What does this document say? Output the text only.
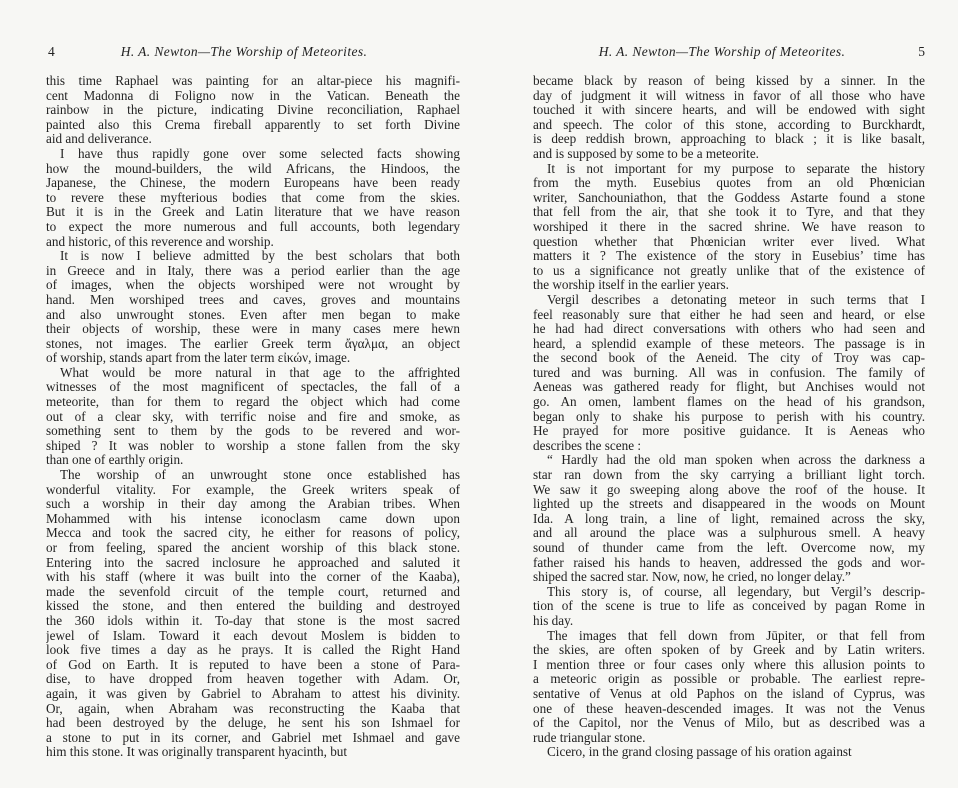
4	H. A. Newton—The Worship of Meteorites.
this time Raphael was painting for an altar-piece his magnifi-
cent Madonna di Foligno now in the Vatican. Beneath the
rainbow in the picture, indicating Divine reconciliation, Raphael
painted also this Crema fireball apparently to set forth Divine
aid and deliverance.
I have thus rapidly gone over some selected facts showing
how the mound-builders, the wild Africans, the Hindoos, the
Japanese, the Chinese, the modern Europeans have been ready
to revere these myfterious bodies that come from the skies.
But it is in the Greek and Latin literature that we have reason
to expect the more numerous and full accounts, both legendary
and historic, of this reverence and worship.
It is now I believe admitted by the best scholars that both
in Greece and in Italy, there was a period earlier than the age
of images, when the objects worshiped were not wrought by
hand. Men worshiped trees and caves, groves and mountains
and also unwrought stones. Even after men began to make
their objects of worship, these were in many cases mere hewn
stones, not images. The earlier Greek term ἄγαλμα, an object
of worship, stands apart from the later term εἰκών, image.
What would be more natural in that age to the affrighted
witnesses of the most magnificent of spectacles, the fall of a
meteorite, than for them to regard the object which had come
out of a clear sky, with terrific noise and fire and smoke, as
something sent to them by the gods to be revered and wor-
shiped ? It was nobler to worship a stone fallen from the sky
than one of earthly origin.
The worship of an unwrought stone once established has
wonderful vitality. For example, the Greek writers speak of
such a worship in their day among the Arabian tribes. When
Mohammed with his intense iconoclasm came down upon
Mecca and took the sacred city, he either for reasons of policy,
or from feeling, spared the ancient worship of this black stone.
Entering into the sacred inclosure he approached and saluted it
with his staff (where it was built into the corner of the Kaaba),
made the sevenfold circuit of the temple court, returned and
kissed the stone, and then entered the building and destroyed
the 360 idols within it. To-day that stone is the most sacred
jewel of Islam. Toward it each devout Moslem is bidden to
look five times a day as he prays. It is called the Right Hand
of God on Earth. It is reputed to have been a stone of Para-
dise, to have dropped from heaven together with Adam. Or,
again, it was given by Gabriel to Abraham to attest his divinity.
Or, again, when Abraham was reconstructing the Kaaba that
had been destroyed by the deluge, he sent his son Ishmael for
a stone to put in its corner, and Gabriel met Ishmael and gave
him this stone. It was originally transparent hyacinth, but
H. A. Newton—The Worship of Meteorites.	5
became black by reason of being kissed by a sinner. In the
day of judgment it will witness in favor of all those who have
touched it with sincere hearts, and will be endowed with sight
and speech. The color of this stone, according to Burckhardt,
is deep reddish brown, approaching to black ; it is like basalt,
and is supposed by some to be a meteorite.
It is not important for my purpose to separate the history
from the myth. Eusebius quotes from an old Phœnician
writer, Sanchouniathon, that the Goddess Astarte found a stone
that fell from the air, that she took it to Tyre, and that they
worshiped it there in the sacred shrine. We have reason to
question whether that Phœnician writer ever lived. What
matters it ? The existence of the story in Eusebius’ time has
to us a significance not greatly unlike that of the existence of
the worship itself in the earlier years.
Vergil describes a detonating meteor in such terms that I
feel reasonably sure that either he had seen and heard, or else
he had had direct conversations with others who had seen and
heard, a splendid example of these meteors. The passage is in
the second book of the Aeneid. The city of Troy was cap-
tured and was burning. All was in confusion. The family of
Aeneas was gathered ready for flight, but Anchises would not
go. An omen, lambent flames on the head of his grandson,
began only to shake his purpose to perish with his country.
He prayed for more positive guidance. It is Aeneas who
describes the scene :
“ Hardly had the old man spoken when across the darkness a
star ran down from the sky carrying a brilliant light torch.
We saw it go sweeping along above the roof of the house. It
lighted up the streets and disappeared in the woods on Mount
Ida. A long train, a line of light, remained across the sky,
and all around the place was a sulphurous smell. A heavy
sound of thunder came from the left. Overcome now, my
father raised his hands to heaven, addressed the gods and wor-
shiped the sacred star. Now, now, he cried, no longer delay.”
This story is, of course, all legendary, but Vergil’s descrip-
tion of the scene is true to life as conceived by pagan Rome in
his day.
The images that fell down from Jūpiter, or that fell from
the skies, are often spoken of by Greek and by Latin writers.
I mention three or four cases only where this allusion points to
a meteoric origin as possible or probable. The earliest repre-
sentative of Venus at old Paphos on the island of Cyprus, was
one of these heaven-descended images. It was not the Venus
of the Capitol, nor the Venus of Milo, but as described was a
rude triangular stone.
Cicero, in the grand closing passage of his oration against
